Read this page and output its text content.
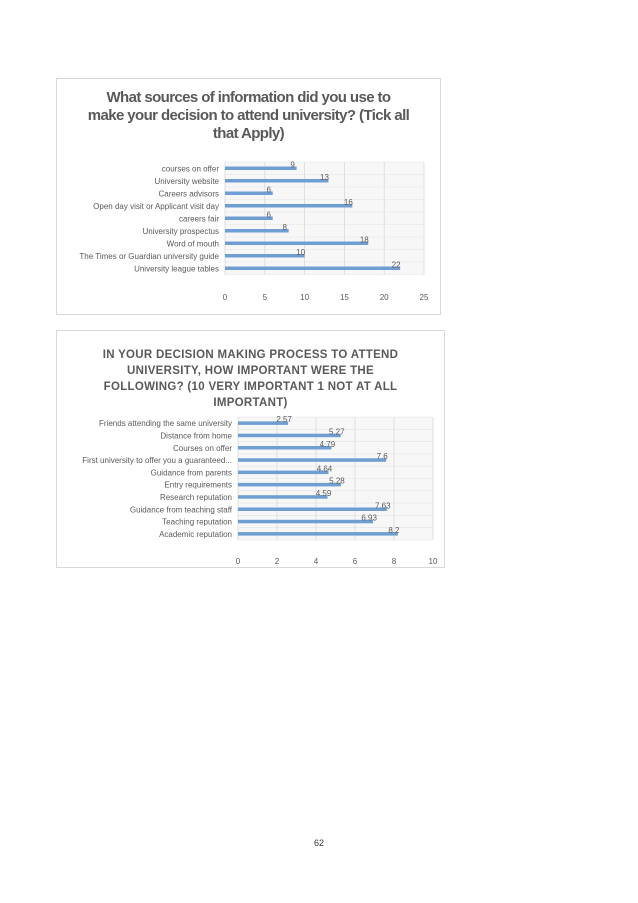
What sources of information did you use to make your decision to attend university? (Tick all that Apply)
courses on offer	9
University website	13
Careers advisors	6
Open day visit or Applicant visit day	16
careers fair	6
University prospectus	8
Word of mouth	18
The Times or Guardian university guide	10
University league tables	22
0	5	10	15	20	25
IN YOUR DECISION MAKING PROCESS TO ATTEND UNIVERSITY, HOW IMPORTANT WERE THE FOLLOWING? (10 VERY IMPORTANT 1 NOT AT ALL IMPORTANT)
Friends attending the same university	2.57
Distance from home	5.27
Courses on offer	4.79
First university to offer you a guaranteed...	7.6
Guidance from parents	4.64
Entry requirements	5.28
Research reputation	4.59
Guidance from teaching staff	7.63
Teaching reputation	6.93
Academic reputation	8.2
0	2	4	6	8	10
62
